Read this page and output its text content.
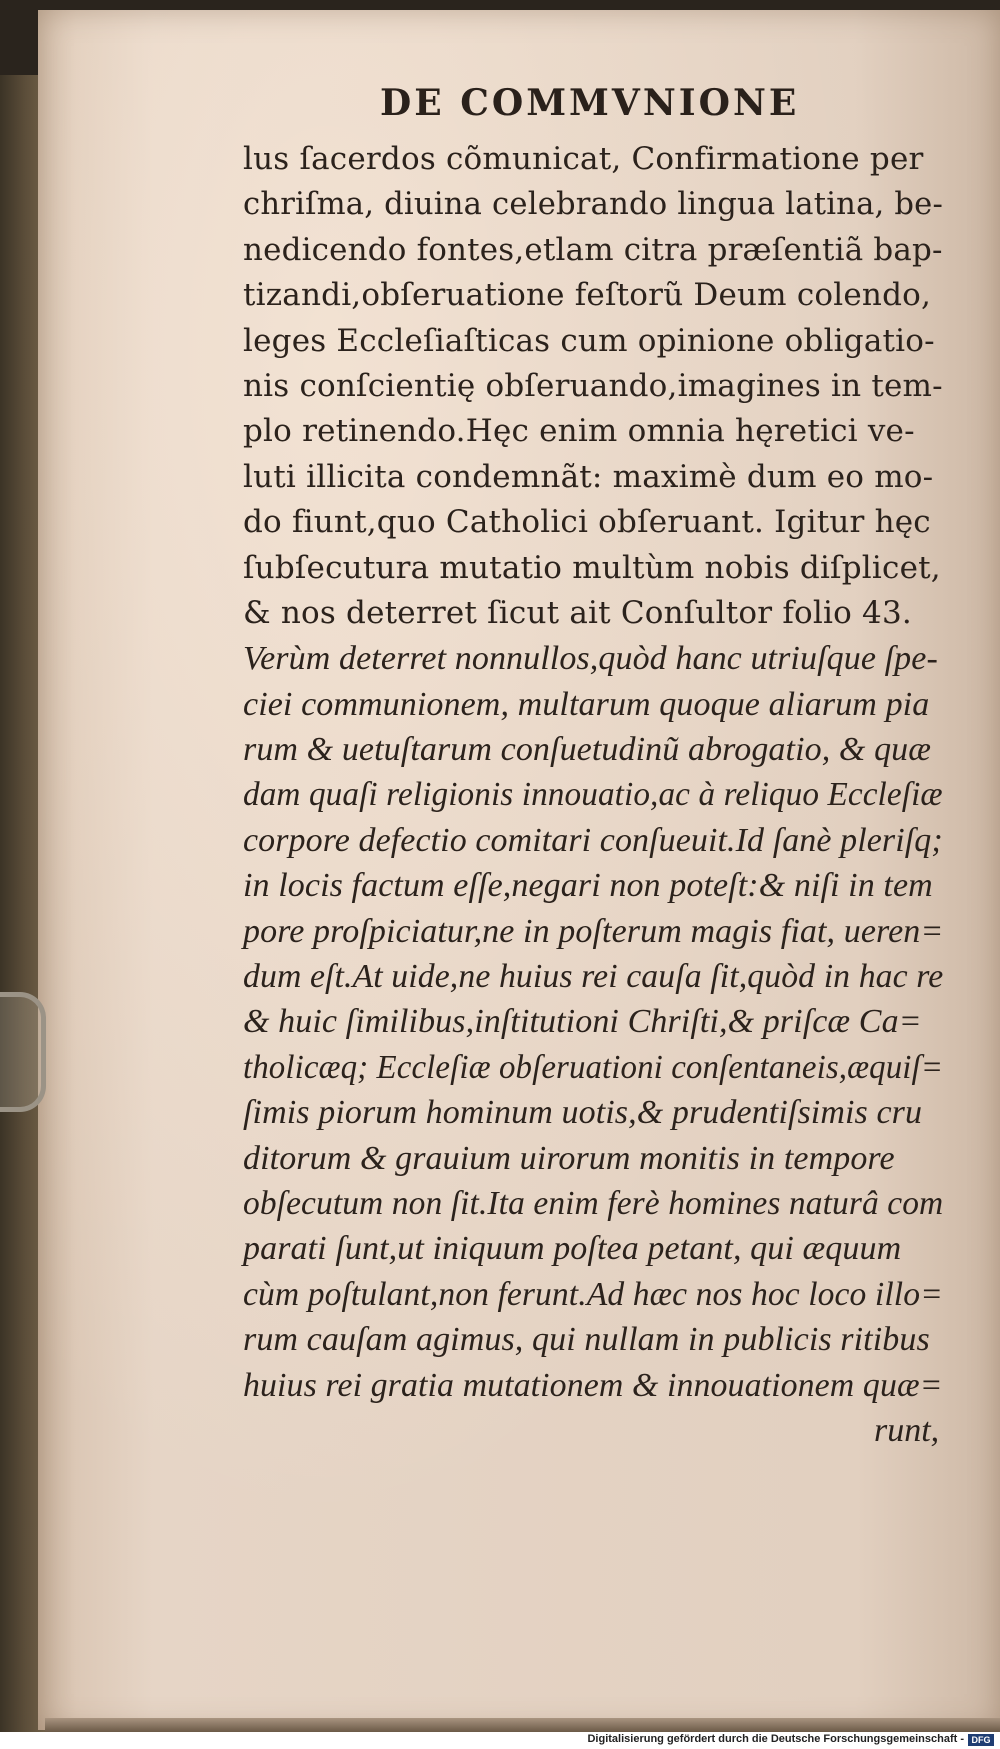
DE COMMVNIONE
lus ſacerdos cõmunicat, Confirmatione per
chriſma, diuina celebrando lingua latina, be-
nedicendo fontes,etlam citra præſentiã bap-
tizandi,obſeruatione feſtorũ Deum colendo,
leges Eccleſiaſticas cum opinione obligatio-
nis conſcientię obſeruando,imagines in tem-
plo retinendo.Hęc enim omnia hęretici ve-
luti illicita condemnãt: maximè dum eo mo-
do fiunt,quo Catholici obſeruant. Igitur hęc
ſubſecutura mutatio multùm nobis diſplicet,
& nos deterret ſicut ait Conſultor folio 43.
Verùm deterret nonnullos,quòd hanc utriuſque ſpe-
ciei communionem, multarum quoque aliarum pia
rum & uetuſtarum conſuetudinũ abrogatio, & quæ
dam quaſi religionis innouatio,ac à reliquo Eccleſiæ
corpore defectio comitari conſueuit.Id ſanè pleriſq;
in locis factum eſſe,negari non poteſt:& niſi in tem
pore proſpiciatur,ne in poſterum magis fiat, ueren=
dum eſt.At uide,ne huius rei cauſa ſit,quòd in hac re
& huic ſimilibus,inſtitutioni Chriſti,& priſcæ Ca=
tholicæq; Eccleſiæ obſeruationi conſentaneis,æquiſ=
ſimis piorum hominum uotis,& prudentiſsimis cru
ditorum & grauium uirorum monitis in tempore
obſecutum non ſit.Ita enim ferè homines naturâ com
parati ſunt,ut iniquum poſtea petant, qui æquum
cùm poſtulant,non ferunt.Ad hæc nos hoc loco illo=
rum cauſam agimus, qui nullam in publicis ritibus
huius rei gratia mutationem & innouationem quæ=
runt,
Digitalisierung gefördert durch die Deutsche Forschungsgemeinschaft - DFG
